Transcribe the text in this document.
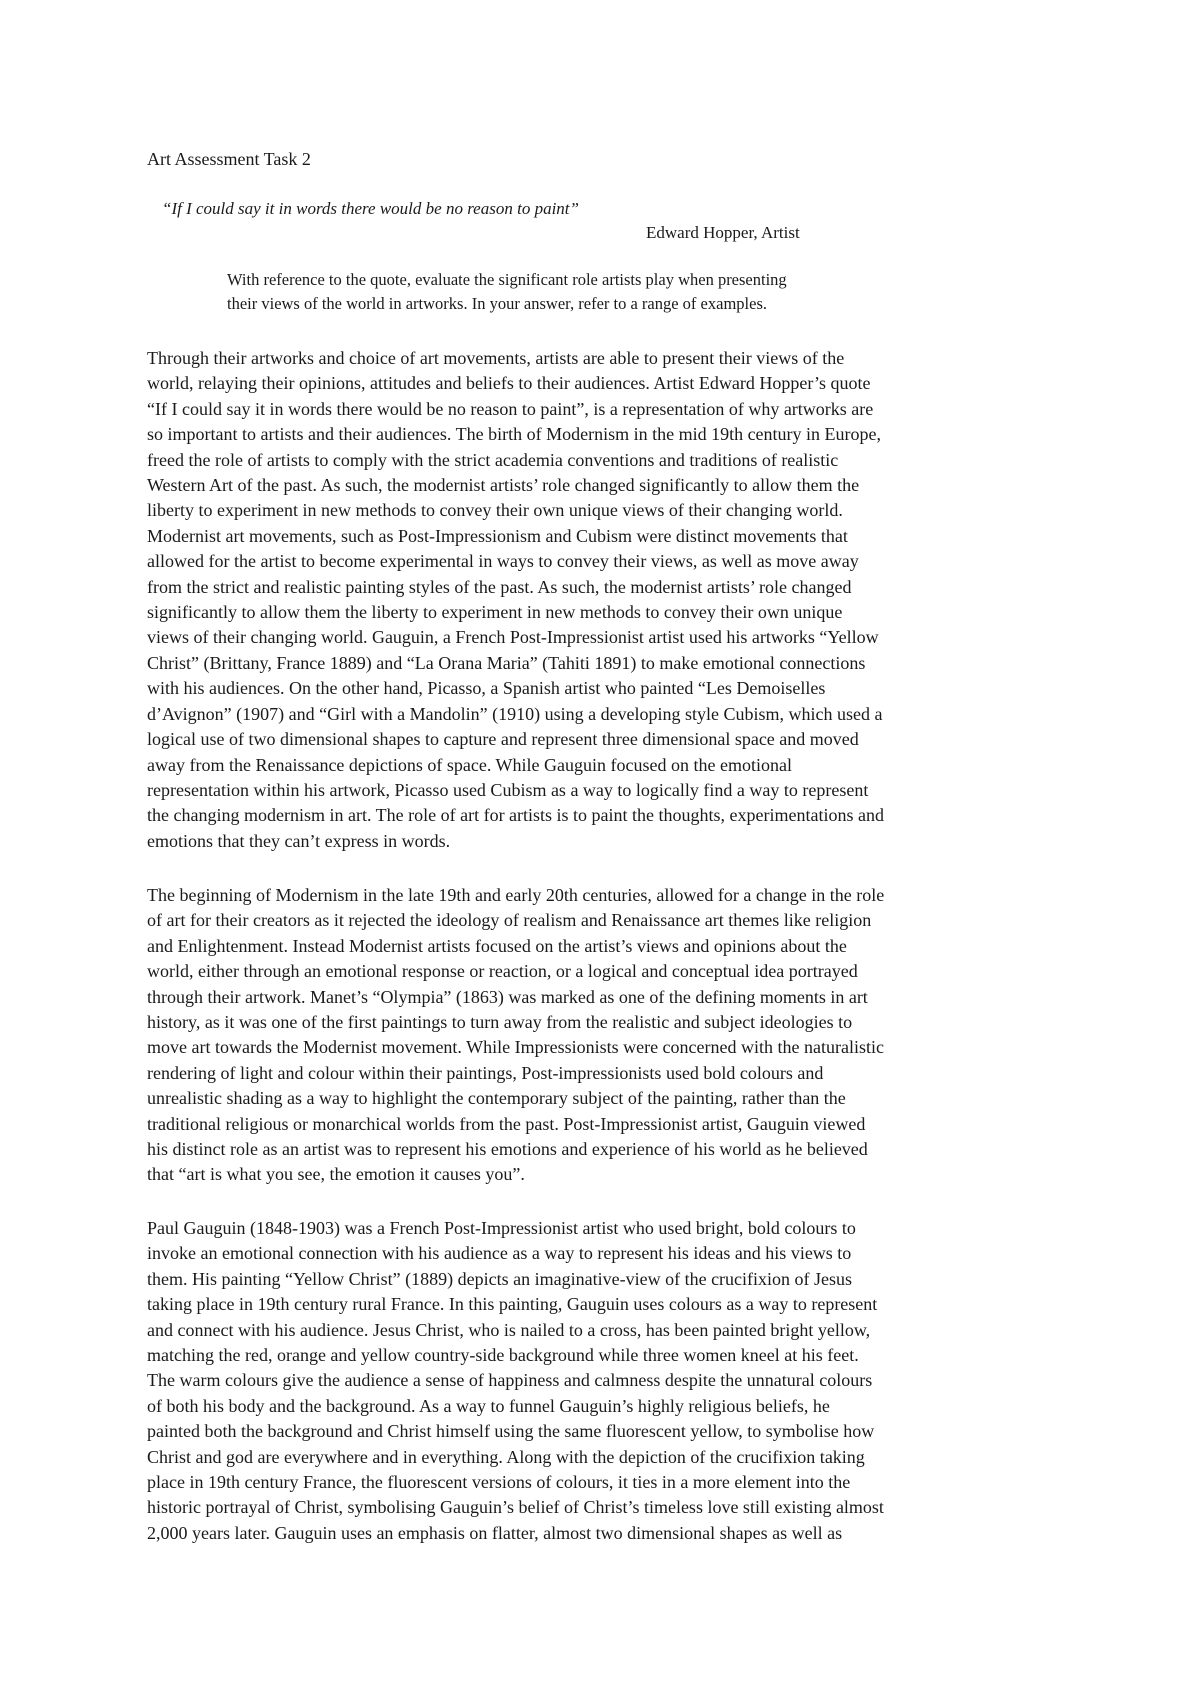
Art Assessment Task 2
“If I could say it in words there would be no reason to paint”
Edward Hopper, Artist
With reference to the quote, evaluate the significant role artists play when presenting
their views of the world in artworks. In your answer, refer to a range of examples.
Through their artworks and choice of art movements, artists are able to present their views of the
world, relaying their opinions, attitudes and beliefs to their audiences. Artist Edward Hopper’s quote
“If I could say it in words there would be no reason to paint”, is a representation of why artworks are
so important to artists and their audiences. The birth of Modernism in the mid 19th century in Europe,
freed the role of artists to comply with the strict academia conventions and traditions of realistic
Western Art of the past. As such, the modernist artists’ role changed significantly to allow them the
liberty to experiment in new methods to convey their own unique views of their changing world.
Modernist art movements, such as Post-Impressionism and Cubism were distinct movements that
allowed for the artist to become experimental in ways to convey their views, as well as move away
from the strict and realistic painting styles of the past. As such, the modernist artists’ role changed
significantly to allow them the liberty to experiment in new methods to convey their own unique
views of their changing world. Gauguin, a French Post-Impressionist artist used his artworks “Yellow
Christ” (Brittany, France 1889) and “La Orana Maria” (Tahiti 1891) to make emotional connections
with his audiences. On the other hand, Picasso, a Spanish artist who painted “Les Demoiselles
d’Avignon” (1907) and “Girl with a Mandolin” (1910) using a developing style Cubism, which used a
logical use of two dimensional shapes to capture and represent three dimensional space and moved
away from the Renaissance depictions of space. While Gauguin focused on the emotional
representation within his artwork, Picasso used Cubism as a way to logically find a way to represent
the changing modernism in art. The role of art for artists is to paint the thoughts, experimentations and
emotions that they can’t express in words.
The beginning of Modernism in the late 19th and early 20th centuries, allowed for a change in the role
of art for their creators as it rejected the ideology of realism and Renaissance art themes like religion
and Enlightenment. Instead Modernist artists focused on the artist’s views and opinions about the
world, either through an emotional response or reaction, or a logical and conceptual idea portrayed
through their artwork. Manet’s “Olympia” (1863) was marked as one of the defining moments in art
history, as it was one of the first paintings to turn away from the realistic and subject ideologies to
move art towards the Modernist movement. While Impressionists were concerned with the naturalistic
rendering of light and colour within their paintings, Post-impressionists used bold colours and
unrealistic shading as a way to highlight the contemporary subject of the painting, rather than the
traditional religious or monarchical worlds from the past. Post-Impressionist artist, Gauguin viewed
his distinct role as an artist was to represent his emotions and experience of his world as he believed
that “art is what you see, the emotion it causes you”.
Paul Gauguin (1848-1903) was a French Post-Impressionist artist who used bright, bold colours to
invoke an emotional connection with his audience as a way to represent his ideas and his views to
them. His painting “Yellow Christ” (1889) depicts an imaginative-view of the crucifixion of Jesus
taking place in 19th century rural France. In this painting, Gauguin uses colours as a way to represent
and connect with his audience. Jesus Christ, who is nailed to a cross, has been painted bright yellow,
matching the red, orange and yellow country-side background while three women kneel at his feet.
The warm colours give the audience a sense of happiness and calmness despite the unnatural colours
of both his body and the background. As a way to funnel Gauguin’s highly religious beliefs, he
painted both the background and Christ himself using the same fluorescent yellow, to symbolise how
Christ and god are everywhere and in everything. Along with the depiction of the crucifixion taking
place in 19th century France, the fluorescent versions of colours, it ties in a more element into the
historic portrayal of Christ, symbolising Gauguin’s belief of Christ’s timeless love still existing almost
2,000 years later. Gauguin uses an emphasis on flatter, almost two dimensional shapes as well as
